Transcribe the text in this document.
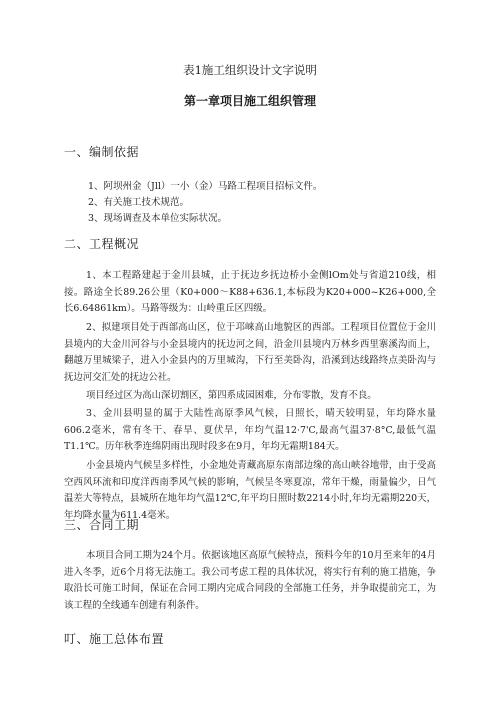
表1施工组织设计文字说明
第一章项目施工组织管理
一、编制依据
1、阿坝州金（Jll）一小（金）马路工程项目招标文件。
2、有关施工技术规范。
3、现场调查及本单位实际状况。
二、工程概况
1、本工程路建起于金川县城，止于抚边乡抚边桥小金侧lOm处与省道210线，相接。路途全长89.26公里（K0+000～K88+636.1,本标段为K20+000~K26+000,全长6.64861km）。马路等级为：山岭重丘区四级。
2、拟建项目处于西部高山区，位于邛崃高山地貌区的西部。工程项目位置位于金川县境内的大金川河谷与小金县境内的抚边河之间，沿金川县境内万林乡西里寨溪沟而上，翻越万里城梁子，进入小金县内的万里城沟，下行至美卧沟，沿溪到达线路终点美卧沟与抚边河交汇处的抚边公社。
项目经过区为高山深切割区，第四系成园困难，分布零散，发育不良。
3、金川县明显的属于大陆性高原季风气候，日照长，晴天较明显，年均降水量606.2毫米，常有冬干、春旱、夏伏旱，年均气温12·7'C,最高气温37·8°C,最低气温T1.1℃。历年秋季连绵阴雨出现时段多在9月，年均无霜期184天。
小金县境内气候呈多样性，小金地处青藏高原东南部边缘的高山峡谷地带，由于受高空西风环流和印度洋西南季风气候的影响，气候呈冬寒夏凉，常年干燥，雨量偏少，日气温差大等特点，县城所在地年均气温12℃,年平均日照时数2214小时,年均无霜期220天，年均降水量为611.4毫米。
三、合同工期
本项目合同工期为24个月。依据该地区高原气候特点，预料今年的10月至来年的4月进入冬季，近6个月将无法施工。我公司考虑工程的具体状况，将实行有利的施工措施，争取沿长可施工时间，保证在合同工期内完成合同段的全部施工任务，并争取提前完工，为该工程的全线通车创建有利条件。
叮、施工总体布置
